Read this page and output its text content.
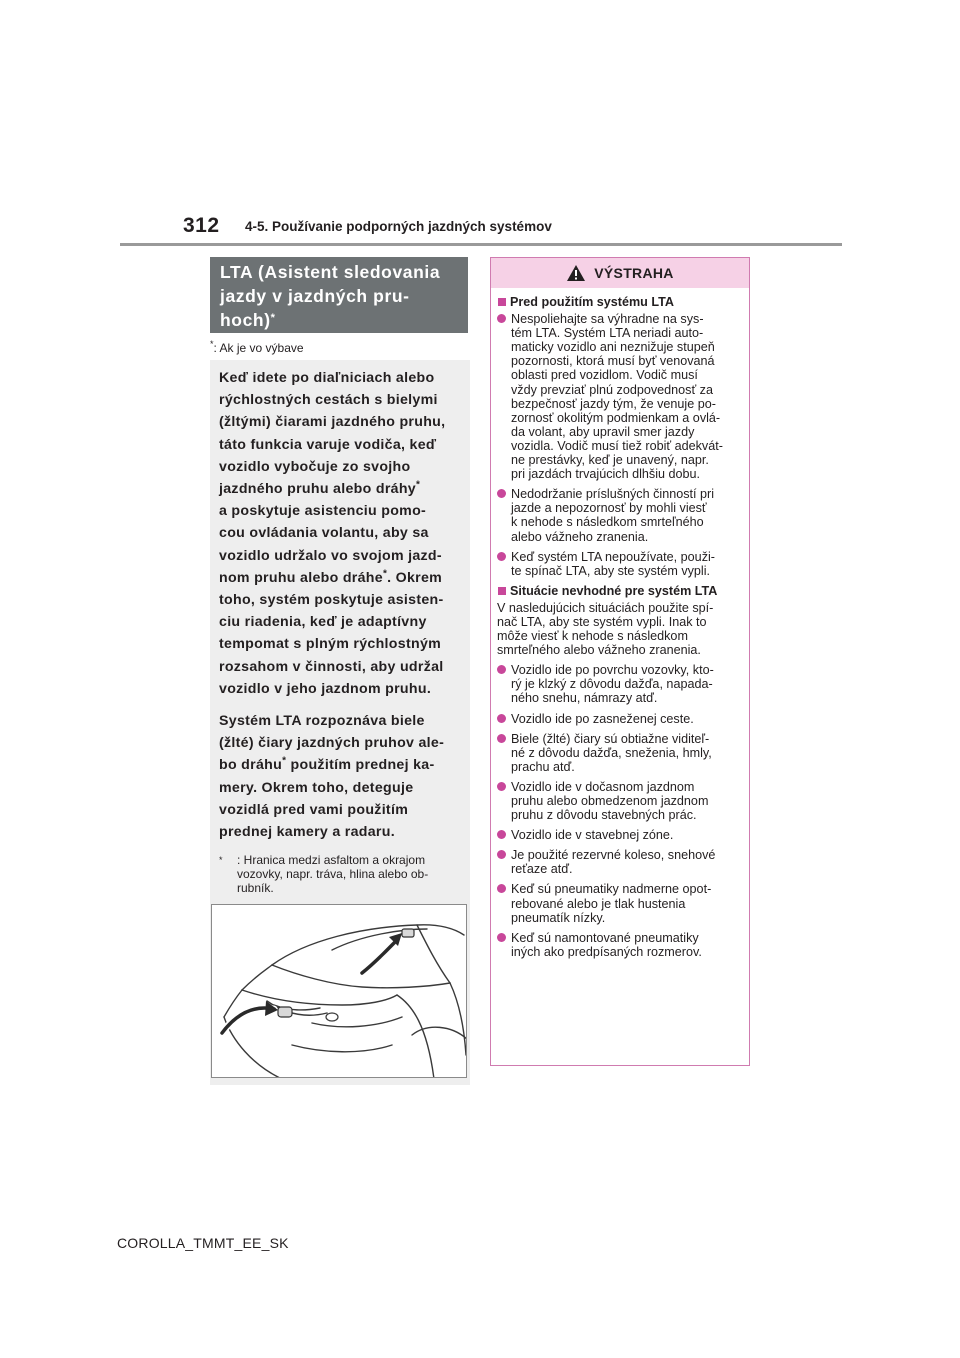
312 4-5. Používanie podporných jazdných systémov
LTA (Asistent sledovania
jazdy v jazdných pru-
hoch)*
*: Ak je vo výbave

Keď idete po diaľniciach alebo
rýchlostných cestách s bielymi
(žltými) čiarami jazdného pruhu,
táto funkcia varuje vodiča, keď
vozidlo vybočuje zo svojho
jazdného pruhu alebo dráhy*
a poskytuje asistenciu pomo-
cou ovládania volantu, aby sa
vozidlo udržalo vo svojom jazd-
nom pruhu alebo dráhe*. Okrem
toho, systém poskytuje asisten-
ciu riadenia, keď je adaptívny
tempomat s plným rýchlostným
rozsahom v činnosti, aby udržal
vozidlo v jeho jazdnom pruhu.

Systém LTA rozpoznáva biele
(žlté) čiary jazdných pruhov ale-
bo dráhu* použitím prednej ka-
mery. Okrem toho, deteguje
vozidlá pred vami použitím
prednej kamery a radaru.

* : Hranica medzi asfaltom a okrajom
vozovky, napr. tráva, hlina alebo ob-
rubník.

VÝSTRAHA
Pred použitím systému LTA
Nespoliehajte sa výhradne na sys-
tém LTA. Systém LTA neriadi auto-
maticky vozidlo ani neznižuje stupeň
pozornosti, ktorá musí byť venovaná
oblasti pred vozidlom. Vodič musí
vždy prevziať plnú zodpovednosť za
bezpečnosť jazdy tým, že venuje po-
zornosť okolitým podmienkam a ovlá-
da volant, aby upravil smer jazdy
vozidla. Vodič musí tiež robiť adekvát-
ne prestávky, keď je unavený, napr.
pri jazdách trvajúcich dlhšiu dobu.
Nedodržanie príslušných činností pri
jazde a nepozornosť by mohli viesť
k nehode s následkom smrteľného
alebo vážneho zranenia.
Keď systém LTA nepoužívate, použi-
te spínač LTA, aby ste systém vypli.
Situácie nevhodné pre systém LTA
V nasledujúcich situáciách použite spí-
nač LTA, aby ste systém vypli. Inak to
môže viesť k nehode s následkom
smrteľného alebo vážneho zranenia.
Vozidlo ide po povrchu vozovky, kto-
rý je klzký z dôvodu dažďa, napada-
ného snehu, námrazy atď.
Vozidlo ide po zasneženej ceste.
Biele (žlté) čiary sú obtiažne viditeľ-
né z dôvodu dažďa, sneženia, hmly,
prachu atď.
Vozidlo ide v dočasnom jazdnom
pruhu alebo obmedzenom jazdnom
pruhu z dôvodu stavebných prác.
Vozidlo ide v stavebnej zóne.
Je použité rezervné koleso, snehové
reťaze atď.
Keď sú pneumatiky nadmerne opot-
rebované alebo je tlak hustenia
pneumatík nízky.
Keď sú namontované pneumatiky
iných ako predpísaných rozmerov.
COROLLA_TMMT_EE_SK
